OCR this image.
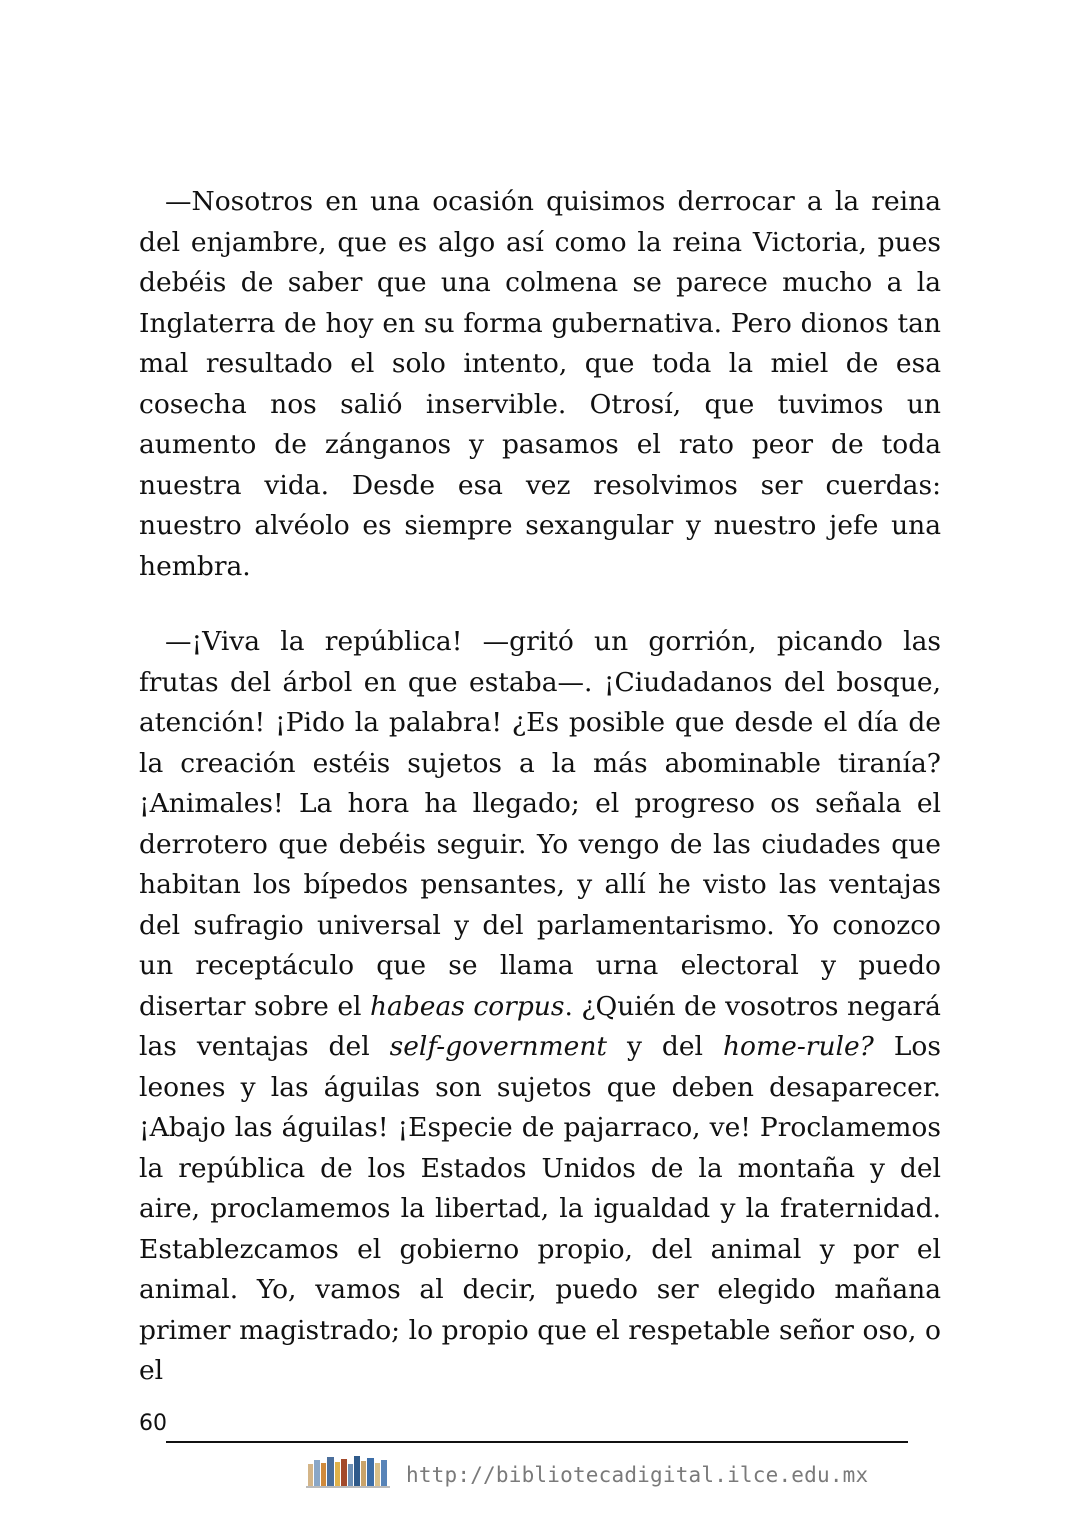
—Nosotros en una ocasión quisimos derrocar a la reina del enjambre, que es algo así como la reina Victoria, pues debéis de saber que una colmena se parece mucho a la Inglaterra de hoy en su forma gubernativa. Pero dionos tan mal resultado el solo intento, que toda la miel de esa cosecha nos salió inservible. Otrosí, que tuvimos un aumento de zánganos y pasamos el rato peor de toda nuestra vida. Desde esa vez resolvimos ser cuerdas: nuestro alvéolo es siempre sexangular y nuestro jefe una hembra.

—¡Viva la república! —gritó un gorrión, picando las frutas del árbol en que estaba—. ¡Ciudadanos del bosque, atención! ¡Pido la palabra! ¿Es posible que desde el día de la creación estéis sujetos a la más abominable tiranía? ¡Animales! La hora ha llegado; el progreso os señala el derrotero que debéis seguir. Yo vengo de las ciudades que habitan los bípedos pensantes, y allí he visto las ventajas del sufragio universal y del parlamentarismo. Yo conozco un receptáculo que se llama urna electoral y puedo disertar sobre el habeas corpus. ¿Quién de vosotros negará las ventajas del self-government y del home-rule? Los leones y las águilas son sujetos que deben desaparecer. ¡Abajo las águilas! ¡Especie de pajarraco, ve! Proclamemos la república de los Estados Unidos de la montaña y del aire, proclamemos la libertad, la igualdad y la fraternidad. Establezcamos el gobierno propio, del animal y por el animal. Yo, vamos al decir, puedo ser elegido mañana primer magistrado; lo propio que el respetable señor oso, o el

60
http://bibliotecadigital.ilce.edu.mx
